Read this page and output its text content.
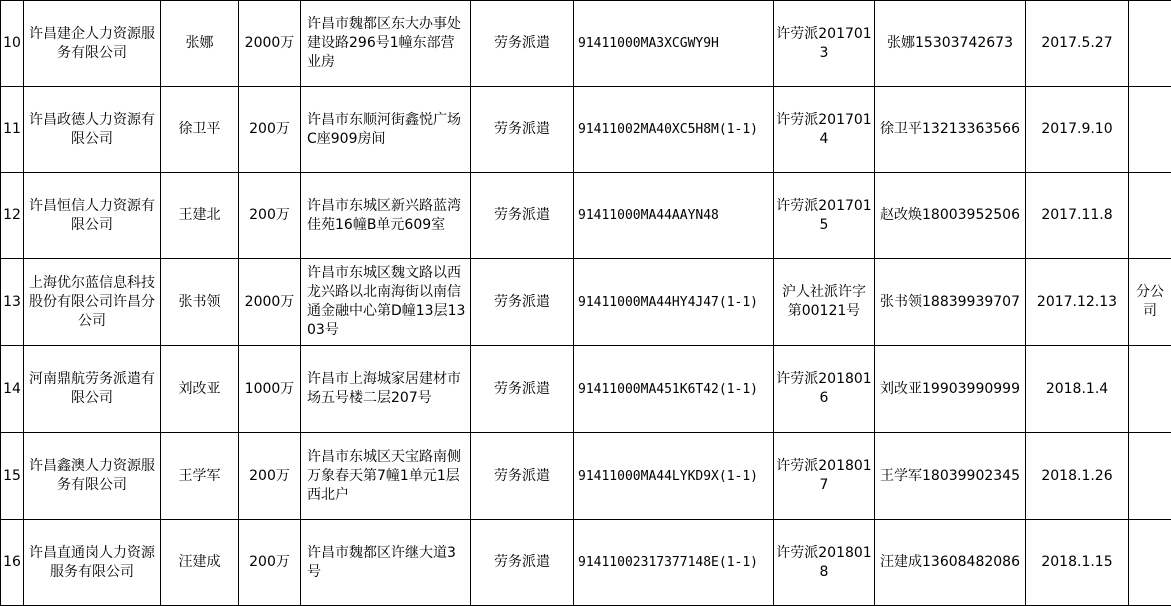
10	许昌建企人力资源服务有限公司	张娜	2000万	许昌市魏都区东大办事处建设路296号1幢东部营业房	劳务派遣	91411000MA3XCGWY9H	许劳派2017013	张娜15303742673	2017.5.27	
11	许昌政德人力资源有限公司	徐卫平	200万	许昌市东顺河街鑫悦广场C座909房间	劳务派遣	91411002MA40XC5H8M(1-1)	许劳派2017014	徐卫平13213363566	2017.9.10	
12	许昌恒信人力资源有限公司	王建北	200万	许昌市东城区新兴路蓝湾佳苑16幢B单元609室	劳务派遣	91411000MA44AAYN48	许劳派2017015	赵改焕18003952506	2017.11.8	
13	上海优尔蓝信息科技股份有限公司许昌分公司	张书领	2000万	许昌市东城区魏文路以西龙兴路以北南海街以南信通金融中心第D幢13层1303号	劳务派遣	91411000MA44HY4J47(1-1)	沪人社派许字第00121号	张书领18839939707	2017.12.13	分公司
14	河南鼎航劳务派遣有限公司	刘改亚	1000万	许昌市上海城家居建材市场五号楼二层207号	劳务派遣	91411000MA451K6T42(1-1)	许劳派2018016	刘改亚19903990999	2018.1.4	
15	许昌鑫澳人力资源服务有限公司	王学军	200万	许昌市东城区天宝路南侧万象春天第7幢1单元1层西北户	劳务派遣	91411000MA44LYKD9X(1-1)	许劳派2018017	王学军18039902345	2018.1.26	
16	许昌直通岗人力资源服务有限公司	汪建成	200万	许昌市魏都区许继大道3号	劳务派遣	91411002317377148E(1-1)	许劳派2018018	汪建成13608482086	2018.1.15	
